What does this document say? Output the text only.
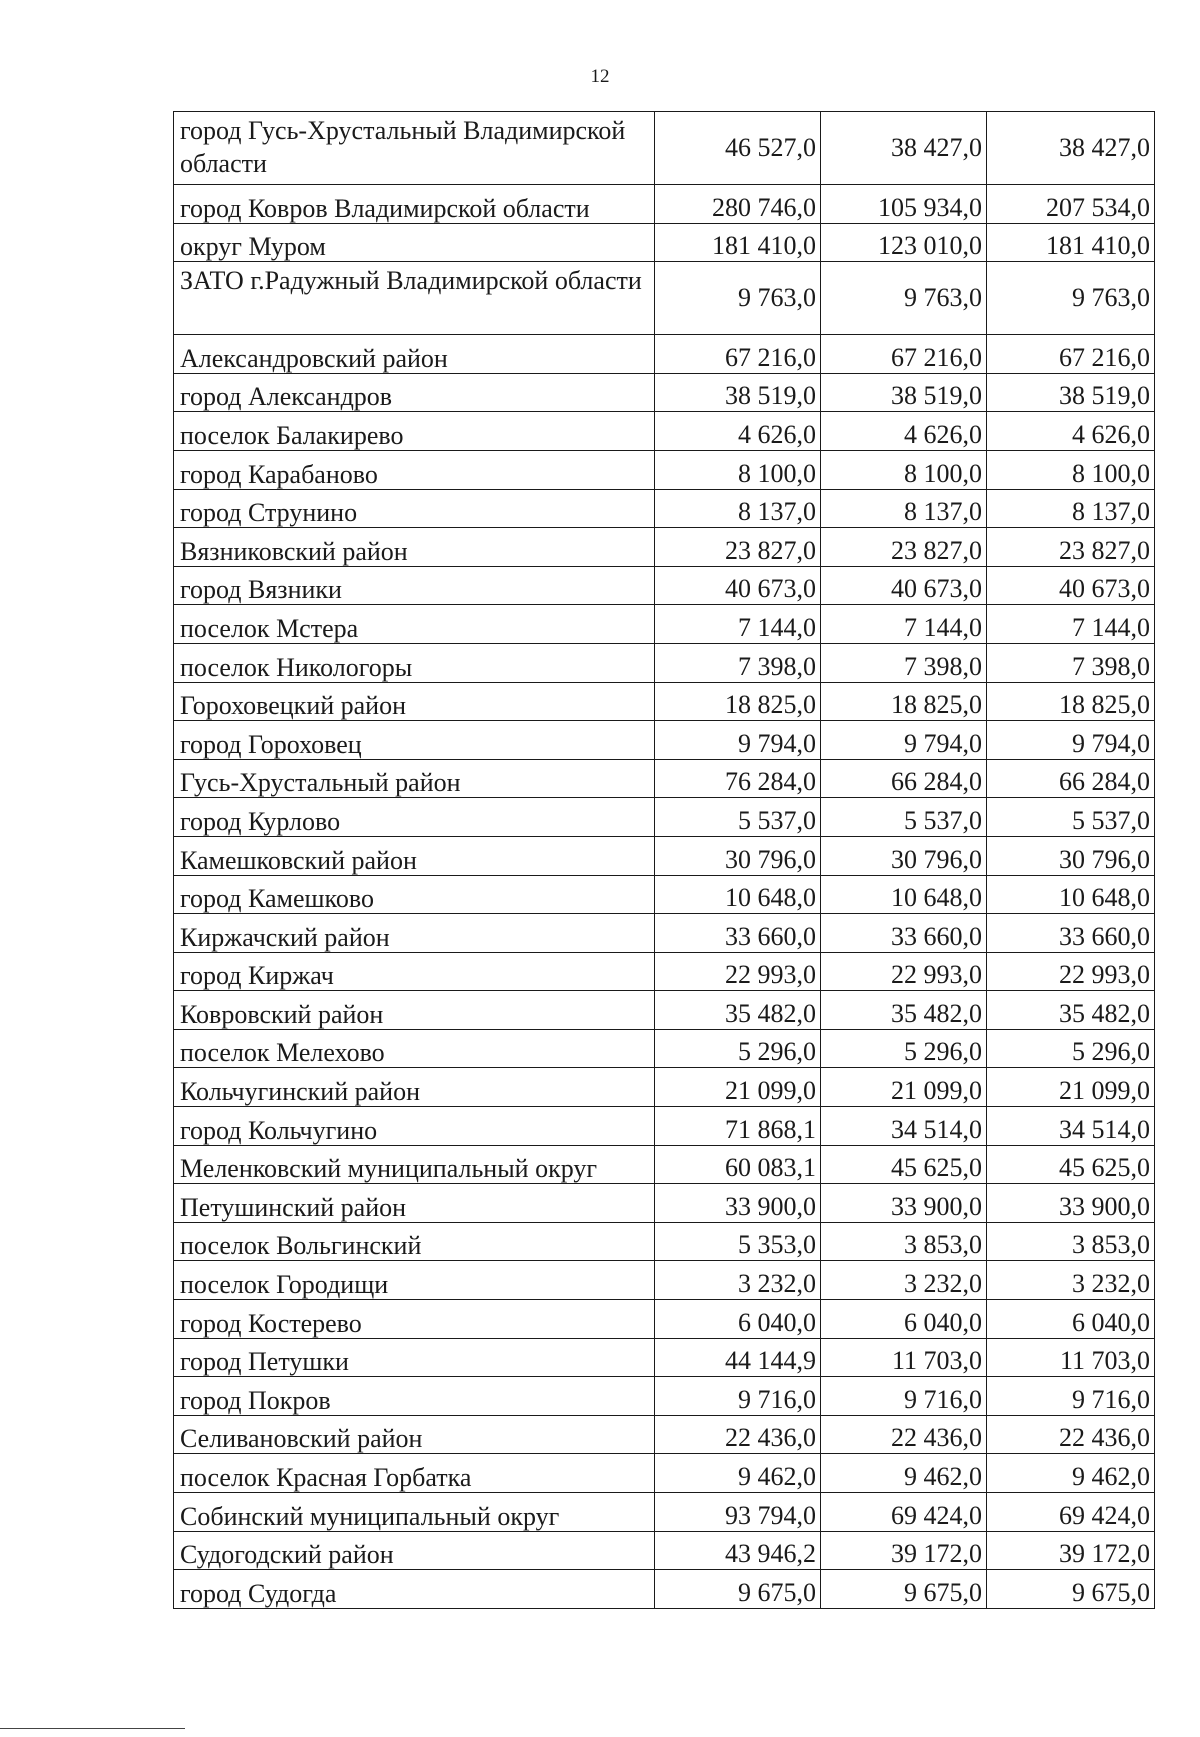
12
город Гусь-Хрустальный Владимирской области	46 527,0	38 427,0	38 427,0
город Ковров Владимирской области	280 746,0	105 934,0	207 534,0
округ Муром	181 410,0	123 010,0	181 410,0
ЗАТО г.Радужный Владимирской области	9 763,0	9 763,0	9 763,0
Александровский район	67 216,0	67 216,0	67 216,0
город Александров	38 519,0	38 519,0	38 519,0
поселок Балакирево	4 626,0	4 626,0	4 626,0
город Карабаново	8 100,0	8 100,0	8 100,0
город Струнино	8 137,0	8 137,0	8 137,0
Вязниковский район	23 827,0	23 827,0	23 827,0
город Вязники	40 673,0	40 673,0	40 673,0
поселок Мстера	7 144,0	7 144,0	7 144,0
поселок Никологоры	7 398,0	7 398,0	7 398,0
Гороховецкий район	18 825,0	18 825,0	18 825,0
город Гороховец	9 794,0	9 794,0	9 794,0
Гусь-Хрустальный район	76 284,0	66 284,0	66 284,0
город Курлово	5 537,0	5 537,0	5 537,0
Камешковский район	30 796,0	30 796,0	30 796,0
город Камешково	10 648,0	10 648,0	10 648,0
Киржачский район	33 660,0	33 660,0	33 660,0
город Киржач	22 993,0	22 993,0	22 993,0
Ковровский район	35 482,0	35 482,0	35 482,0
поселок Мелехово	5 296,0	5 296,0	5 296,0
Кольчугинский район	21 099,0	21 099,0	21 099,0
город Кольчугино	71 868,1	34 514,0	34 514,0
Меленковский муниципальный округ	60 083,1	45 625,0	45 625,0
Петушинский район	33 900,0	33 900,0	33 900,0
поселок Вольгинский	5 353,0	3 853,0	3 853,0
поселок Городищи	3 232,0	3 232,0	3 232,0
город Костерево	6 040,0	6 040,0	6 040,0
город Петушки	44 144,9	11 703,0	11 703,0
город Покров	9 716,0	9 716,0	9 716,0
Селивановский район	22 436,0	22 436,0	22 436,0
поселок Красная Горбатка	9 462,0	9 462,0	9 462,0
Собинский муниципальный округ	93 794,0	69 424,0	69 424,0
Судогодский район	43 946,2	39 172,0	39 172,0
город Судогда	9 675,0	9 675,0	9 675,0
